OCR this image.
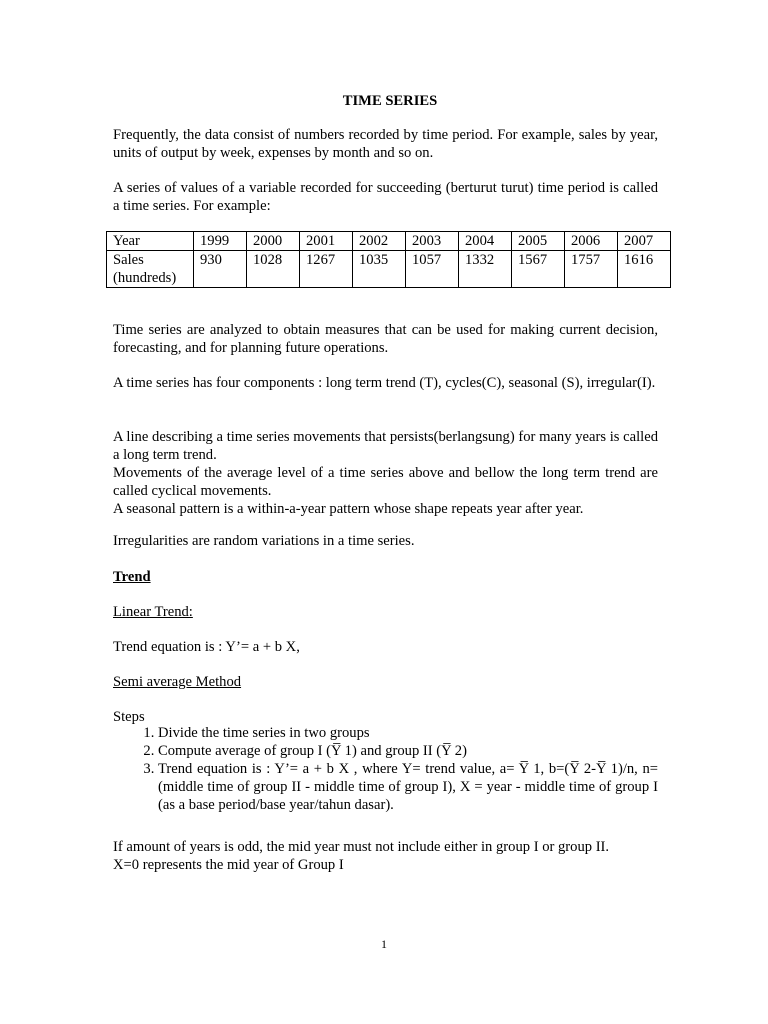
TIME SERIES

Frequently, the data consist of numbers recorded by time period. For example, sales by year, units of output by week, expenses by month and so on.

A series of values of a variable recorded for succeeding (berturut turut) time period is called a time series. For example:

Year	1999	2000	2001	2002	2003	2004	2005	2006	2007
Sales (hundreds)	930	1028	1267	1035	1057	1332	1567	1757	1616

Time series are analyzed to obtain measures that can be used for making current decision, forecasting, and for planning future operations.

A time series has four components : long term trend (T), cycles(C), seasonal (S), irregular(I).

A line describing a time series movements that persists(berlangsung) for many years is called a long term trend.
Movements of the average level of a time series above and bellow the long term trend are called cyclical movements.
A seasonal pattern is a within-a-year pattern whose shape repeats year after year.

Irregularities are random variations in a time series.

Trend

Linear Trend:

Trend equation is : Y’= a + b X,

Semi average Method

Steps

1. Divide the time series in two groups
2. Compute average of group I (Y̅ 1) and group II (Y̅ 2)
3. Trend equation is : Y’= a + b X , where Y= trend value, a= Y̅ 1, b=(Y̅ 2-Y̅ 1)/n, n=(middle time of group II - middle time of group I), X = year - middle time of group I (as a base period/base year/tahun dasar).
If amount of years is odd, the mid year must not include either in group I or group II.
X=0 represents the mid year of Group I
1
